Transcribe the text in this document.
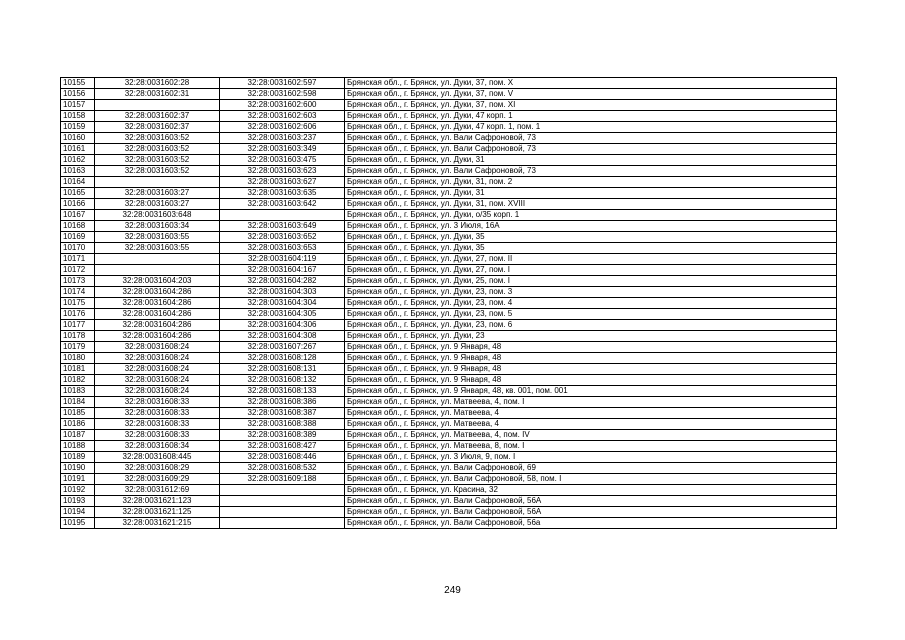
10155	32:28:0031602:28	32:28:0031602:597	Брянская обл., г. Брянск, ул. Дуки, 37, пом. X
10156	32:28:0031602:31	32:28:0031602:598	Брянская обл., г. Брянск, ул. Дуки, 37, пом. V
10157		32:28:0031602:600	Брянская обл., г. Брянск, ул. Дуки, 37, пом. XI
10158	32:28:0031602:37	32:28:0031602:603	Брянская обл., г. Брянск, ул. Дуки, 47 корп. 1
10159	32:28:0031602:37	32:28:0031602:606	Брянская обл., г. Брянск, ул. Дуки, 47 корп. 1, пом. 1
10160	32:28:0031603:52	32:28:0031603:237	Брянская обл., г. Брянск, ул. Вали Сафроновой, 73
10161	32:28:0031603:52	32:28:0031603:349	Брянская обл., г. Брянск, ул. Вали Сафроновой, 73
10162	32:28:0031603:52	32:28:0031603:475	Брянская обл., г. Брянск, ул. Дуки, 31
10163	32:28:0031603:52	32:28:0031603:623	Брянская обл., г. Брянск, ул. Вали Сафроновой, 73
10164		32:28:0031603:627	Брянская обл., г. Брянск, ул. Дуки, 31, пом. 2
10165	32:28:0031603:27	32:28:0031603:635	Брянская обл., г. Брянск, ул. Дуки, 31
10166	32:28:0031603:27	32:28:0031603:642	Брянская обл., г. Брянск, ул. Дуки, 31, пом. XVIII
10167	32:28:0031603:648		Брянская обл., г. Брянск, ул. Дуки, о/35 корп. 1
10168	32:28:0031603:34	32:28:0031603:649	Брянская обл., г. Брянск, ул. 3 Июля, 16А
10169	32:28:0031603:55	32:28:0031603:652	Брянская обл., г. Брянск, ул. Дуки, 35
10170	32:28:0031603:55	32:28:0031603:653	Брянская обл., г. Брянск, ул. Дуки, 35
10171		32:28:0031604:119	Брянская обл., г. Брянск, ул. Дуки, 27, пом. II
10172		32:28:0031604:167	Брянская обл., г. Брянск, ул. Дуки, 27, пом. I
10173	32:28:0031604:203	32:28:0031604:282	Брянская обл., г. Брянск, ул. Дуки, 25, пом. I
10174	32:28:0031604:286	32:28:0031604:303	Брянская обл., г. Брянск, ул. Дуки, 23, пом. 3
10175	32:28:0031604:286	32:28:0031604:304	Брянская обл., г. Брянск, ул. Дуки, 23, пом. 4
10176	32:28:0031604:286	32:28:0031604:305	Брянская обл., г. Брянск, ул. Дуки, 23, пом. 5
10177	32:28:0031604:286	32:28:0031604:306	Брянская обл., г. Брянск, ул. Дуки, 23, пом. 6
10178	32:28:0031604:286	32:28:0031604:308	Брянская обл., г. Брянск, ул. Дуки, 23
10179	32:28:0031608:24	32:28:0031607:267	Брянская обл., г. Брянск, ул. 9 Января, 48
10180	32:28:0031608:24	32:28:0031608:128	Брянская обл., г. Брянск, ул. 9 Января, 48
10181	32:28:0031608:24	32:28:0031608:131	Брянская обл., г. Брянск, ул. 9 Января, 48
10182	32:28:0031608:24	32:28:0031608:132	Брянская обл., г. Брянск, ул. 9 Января, 48
10183	32:28:0031608:24	32:28:0031608:133	Брянская обл., г. Брянск, ул. 9 Января, 48, кв. 001, пом. 001
10184	32:28:0031608:33	32:28:0031608:386	Брянская обл., г. Брянск, ул. Матвеева, 4, пом. I
10185	32:28:0031608:33	32:28:0031608:387	Брянская обл., г. Брянск, ул. Матвеева, 4
10186	32:28:0031608:33	32:28:0031608:388	Брянская обл., г. Брянск, ул. Матвеева, 4
10187	32:28:0031608:33	32:28:0031608:389	Брянская обл., г. Брянск, ул. Матвеева, 4, пом. IV
10188	32:28:0031608:34	32:28:0031608:427	Брянская обл., г. Брянск, ул. Матвеева, 8, пом. I
10189	32:28:0031608:445	32:28:0031608:446	Брянская обл., г. Брянск, ул. 3 Июля, 9, пом. I
10190	32:28:0031608:29	32:28:0031608:532	Брянская обл., г. Брянск, ул. Вали Сафроновой, 69
10191	32:28:0031609:29	32:28:0031609:188	Брянская обл., г. Брянск, ул. Вали Сафроновой, 58, пом. I
10192	32:28:0031612:69		Брянская обл., г. Брянск, ул. Красина, 32
10193	32:28:0031621:123		Брянская обл., г. Брянск, ул. Вали Сафроновой, 56А
10194	32:28:0031621:125		Брянская обл., г. Брянск, ул. Вали Сафроновой, 56А
10195	32:28:0031621:215		Брянская обл., г. Брянск, ул. Вали Сафроновой, 56а
249
